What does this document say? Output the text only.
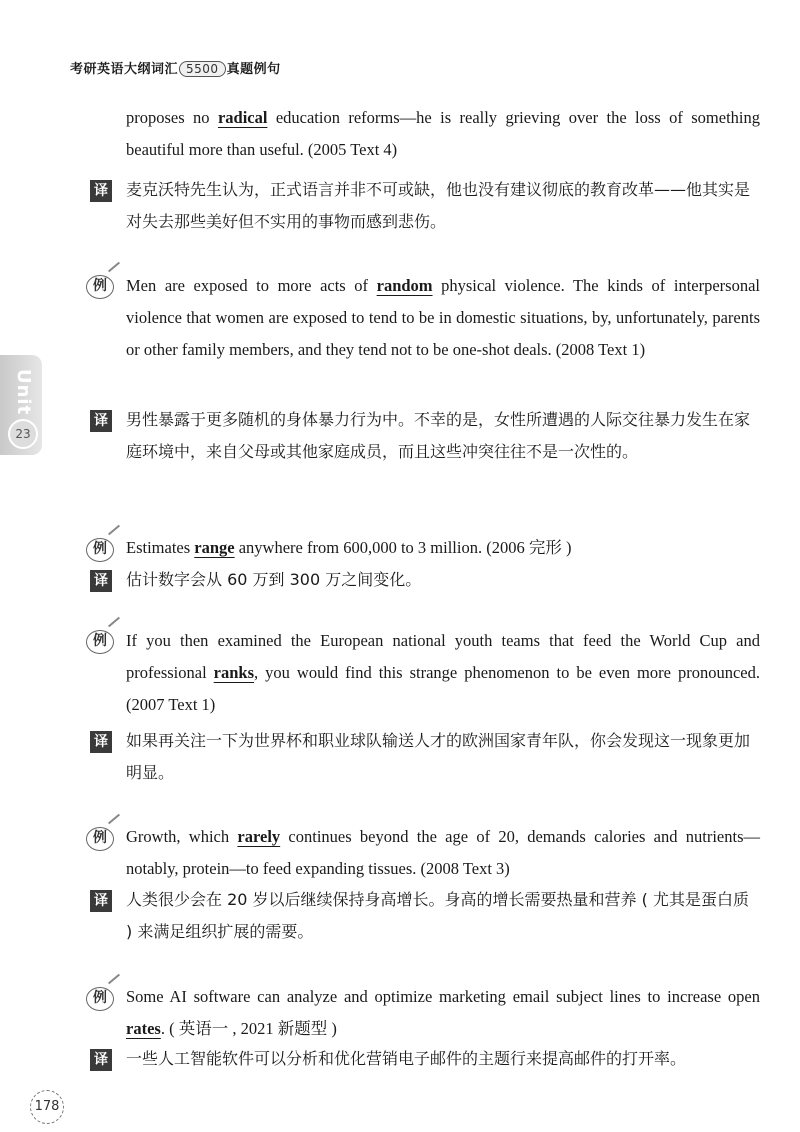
考研英语大纲词汇 5500 真题例句
Unit
23
proposes no radical education reforms—he is really grieving over the loss of something beautiful more than useful. (2005 Text 4)
译 麦克沃特先生认为，正式语言并非不可或缺，他也没有建议彻底的教育改革——他其实是对失去那些美好但不实用的事物而感到悲伤。
例	Men are exposed to more acts of random physical violence. The kinds of interpersonal violence that women are exposed to tend to be in domestic situations, by, unfortunately, parents or other family members, and they tend not to be one-shot deals. (2008 Text 1)
译 男性暴露于更多随机的身体暴力行为中。不幸的是，女性所遭遇的人际交往暴力发生在家庭环境中，来自父母或其他家庭成员，而且这些冲突往往不是一次性的。
例	Estimates range anywhere from 600,000 to 3 million. (2006 完形 )
译 估计数字会从 60 万到 300 万之间变化。
例	If you then examined the European national youth teams that feed the World Cup and professional ranks, you would find this strange phenomenon to be even more pronounced. (2007 Text 1)
译 如果再关注一下为世界杯和职业球队输送人才的欧洲国家青年队，你会发现这一现象更加明显。
例	Growth, which rarely continues beyond the age of 20, demands calories and nutrients— notably, protein—to feed expanding tissues. (2008 Text 3)
译 人类很少会在 20 岁以后继续保持身高增长。身高的增长需要热量和营养 ( 尤其是蛋白质 ) 来满足组织扩展的需要。
例	Some AI software can analyze and optimize marketing email subject lines to increase open rates. ( 英语一 , 2021 新题型 )
译 一些人工智能软件可以分析和优化营销电子邮件的主题行来提高邮件的打开率。
178
